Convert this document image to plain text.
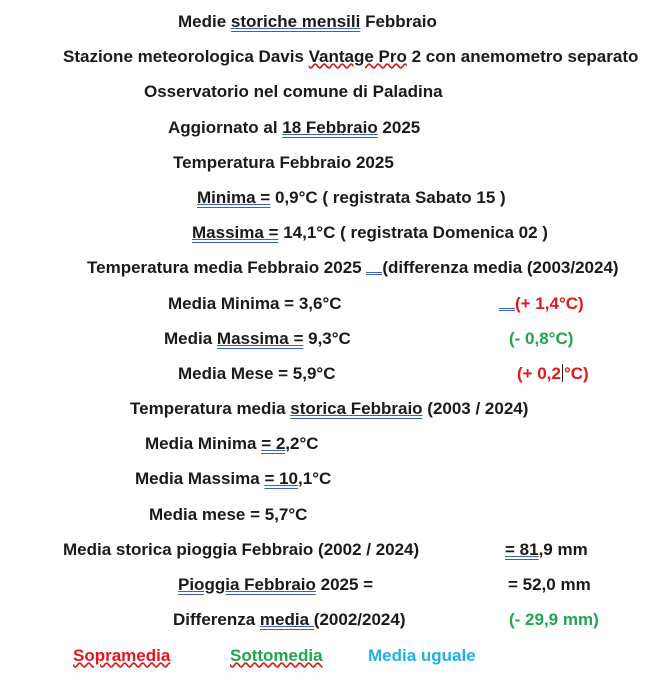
Medie storiche mensili Febbraio
Stazione meteorologica Davis Vantage Pro 2 con anemometro separato
Osservatorio nel comune di Paladina
Aggiornato al 18 Febbraio 2025
Temperatura Febbraio 2025
Minima = 0,9°C ( registrata Sabato 15 )
Massima = 14,1°C ( registrata Domenica 02 )
Temperatura media Febbraio 2025 (differenza media (2003/2024)
Media Minima = 3,6°C	(+ 1,4°C)
Media Massima = 9,3°C	(- 0,8°C)
Media Mese = 5,9°C	(+ 0,2 °C)
Temperatura media storica Febbraio (2003 / 2024)
Media Minima = 2,2°C
Media Massima = 10,1°C
Media mese = 5,7°C
Media storica pioggia Febbraio (2002 / 2024)	= 81,9 mm
Pioggia Febbraio 2025 =	= 52,0 mm
Differenza media (2002/2024)	(- 29,9 mm)
Sopramedia	Sottomedia	Media uguale
